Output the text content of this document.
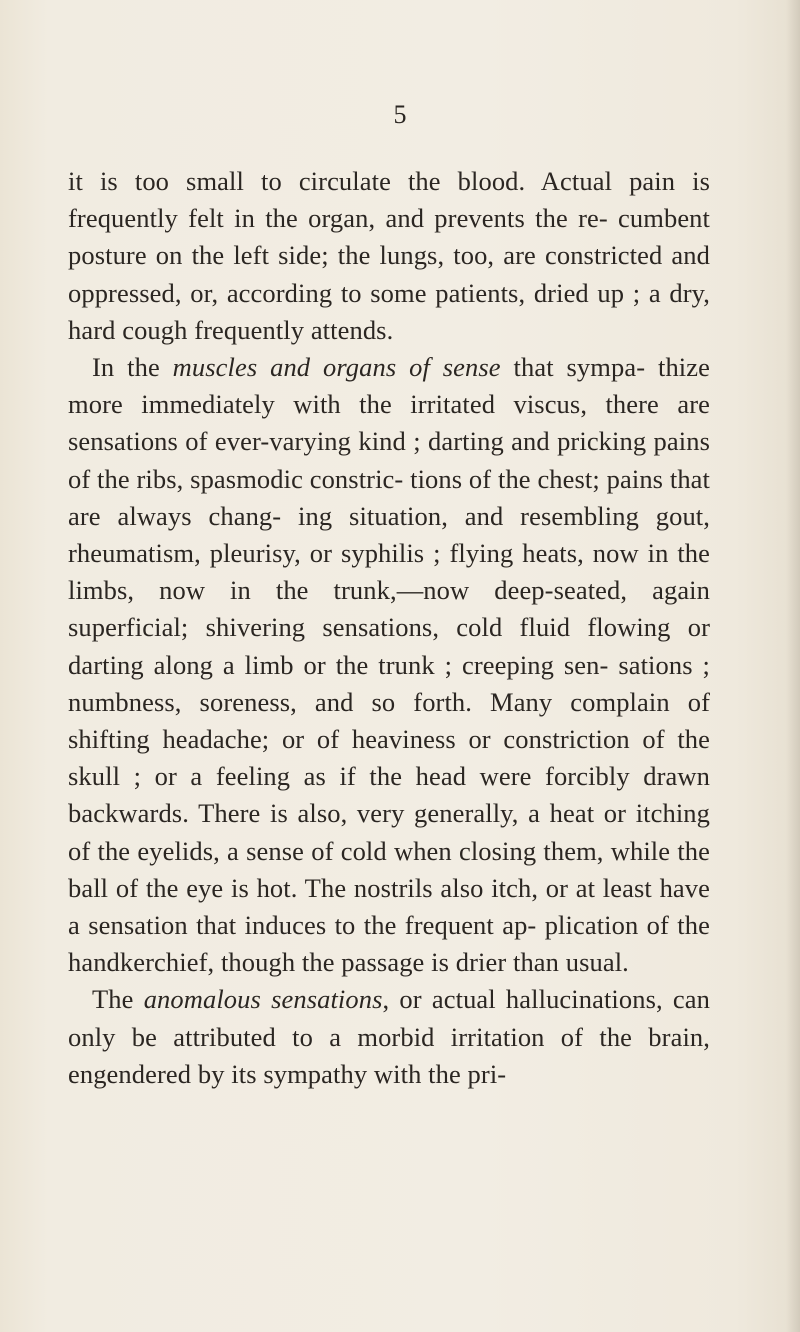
5

it is too small to circulate the blood. Actual pain is frequently felt in the organ, and prevents the re- cumbent posture on the left side; the lungs, too, are constricted and oppressed, or, according to some patients, dried up ; a dry, hard cough frequently attends.

In the muscles and organs of sense that sympa- thize more immediately with the irritated viscus, there are sensations of ever-varying kind ; darting and pricking pains of the ribs, spasmodic constric- tions of the chest; pains that are always chang- ing situation, and resembling gout, rheumatism, pleurisy, or syphilis ; flying heats, now in the limbs, now in the trunk,—now deep-seated, again superficial; shivering sensations, cold fluid flowing or darting along a limb or the trunk ; creeping sen- sations ; numbness, soreness, and so forth. Many complain of shifting headache; or of heaviness or constriction of the skull ; or a feeling as if the head were forcibly drawn backwards. There is also, very generally, a heat or itching of the eyelids, a sense of cold when closing them, while the ball of the eye is hot. The nostrils also itch, or at least have a sensation that induces to the frequent ap- plication of the handkerchief, though the passage is drier than usual.

The anomalous sensations, or actual hallucinations, can only be attributed to a morbid irritation of the brain, engendered by its sympathy with the pri-
